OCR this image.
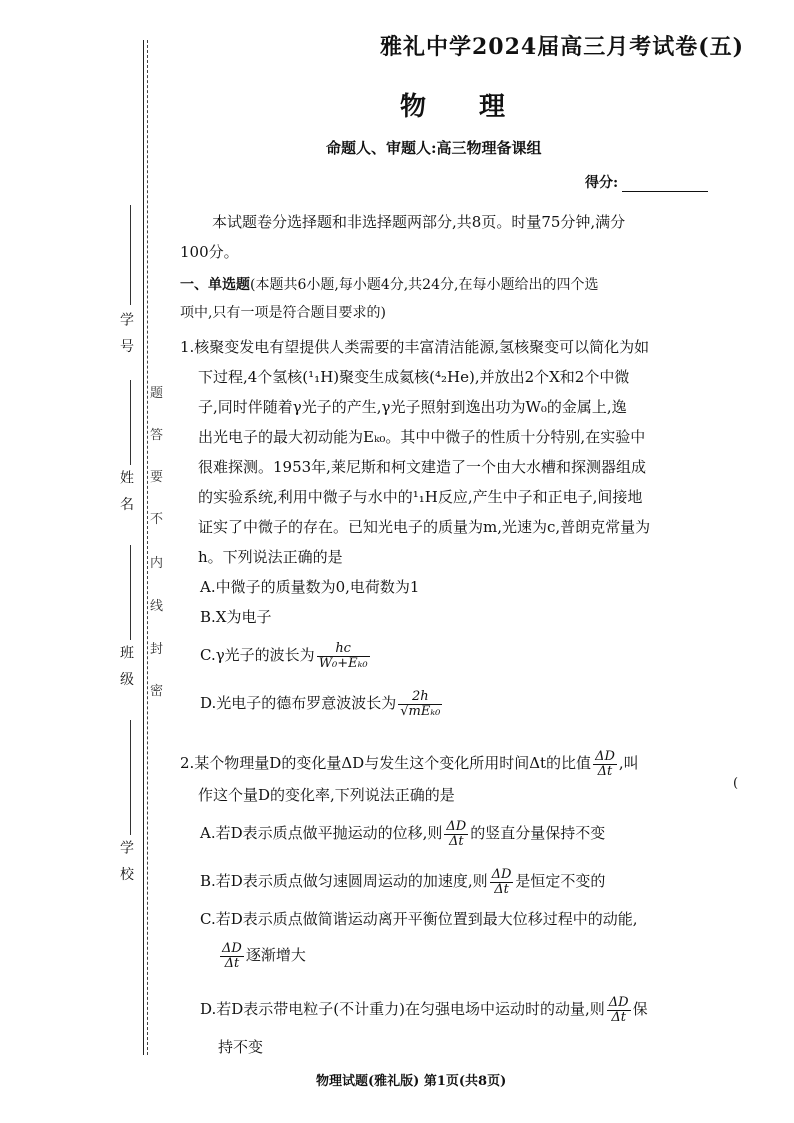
学 号
姓 名
班 级
学 校
密
封
线
内
不
要
答
题
雅礼中学2024届高三月考试卷(五)
物 理
命题人、审题人:高三物理备课组
得分:
本试题卷分选择题和非选择题两部分,共8页。时量75分钟,满分
100分。
一、单选题(本题共6小题,每小题4分,共24分,在每小题给出的四个选
项中,只有一项是符合题目要求的)
1.核聚变发电有望提供人类需要的丰富清洁能源,氢核聚变可以简化为如
下过程,4个氢核(¹₁H)聚变生成氦核(⁴₂He),并放出2个X和2个中微
子,同时伴随着γ光子的产生,γ光子照射到逸出功为W₀的金属上,逸
出光电子的最大初动能为Eₖ₀。其中中微子的性质十分特别,在实验中
很难探测。1953年,莱尼斯和柯文建造了一个由大水槽和探测器组成
的实验系统,利用中微子与水中的¹₁H反应,产生中子和正电子,间接地
证实了中微子的存在。已知光电子的质量为m,光速为c,普朗克常量为
h。下列说法正确的是
A.中微子的质量数为0,电荷数为1
B.X为电子
C.γ光子的波长为 $\frac{hc}{\text{W₀+Eₖ₀}}$
D.光电子的德布罗意波波长为 $\frac{2h}{\text{√mEₖ₀}}$
2.某个物理量D的变化量ΔD与发生这个变化所用时间Δt的比值 $\frac{\Delta D}{\Delta t}$ ,叫
作这个量D的变化率,下列说法正确的是
A.若D表示质点做平抛运动的位移,则 $\frac{\Delta D}{\Delta t}$ 的竖直分量保持不变
B.若D表示质点做匀速圆周运动的加速度,则 $\frac{\Delta D}{\Delta t}$ 是恒定不变的
C.若D表示质点做简谐运动离开平衡位置到最大位移过程中的动能,
$\frac{\Delta D}{\Delta t}$ 逐渐增大
D.若D表示带电粒子(不计重力)在匀强电场中运动时的动量,则 $\frac{\Delta D}{\Delta t}$ 保
持不变
(
物理试题(雅礼版) 第1页(共8页)
